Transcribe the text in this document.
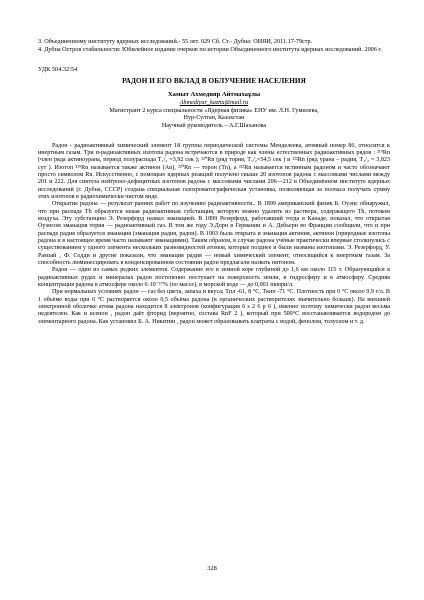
3. Объединенному институту ядерных исследований.- 55 лет. 029 Сб. Ст.- Дубна: ОИЯИ, 2011.17-79стр.

4. Дубна Остров стабильности: Юбилейное издание очерков по истории Объединенного института ядерных исследований. 2006 г.

УДК 504.32:54

РАДОН И ЕГО ВКЛАД В ОБЛУЧЕНИЕ НАСЕЛЕНИЯ

Хамыт Ахмедияр Айтмахаұлы

Ahmediyar_kaznu@mail.ru

Магистрант 2 курса специальности «Ядерная физика» ЕНУ им. Л.Н. Гумилева,

Нур-Султан, Казахстан

Научный руководитель – А.Г.Шаханова

Радон - радиоактивный химический элемент 18 группы периодической системы Менделеева, атомный номер 86, относится к инертным газам. Три α-радиоактивных изотопа радона встречаются в природе как члены естественных радиоактивных рядов : ²¹⁹Rn (член ряда актиноурана, период полураспада T₁/₂ =3,92 сек ); ²²⁰Rn (ряд тория, T₁/₂=54,5 сек ) и ²²²Rn (ряд урана – радия, T₁/₂ = 3,823 сут ). Изотоп ²¹⁹Rn называется также актинон (An), ²²⁰Rn — торон (Tn), а ²²²Rn называется истинным радоном и часто обозначают просто символом Rn. Искусственно, с помощью ядерных реакций получено свыше 20 изотопов радона с массовыми числами между 201 и 222. Для синтеза нейтроно-дефицитных изотопов радона с массовыми числами 206—212 в Объединённом институте ядерных исследований (г. Дубна, СССР) создана специальная газохроматографическая установка, позволяющая за полчаса получать сумму этих изотопов в радиохимически чистом виде.

Открытие радона — результат ранних работ по изучению радиоактивности.. В 1899 американский физик Б. Оуэнс обнаружил, что при распаде Th образуется некая радиоактивная субстанция, которую можно удалить из раствора, содержащего Th, потоком воздуха. Эту субстанцию Э. Резерфорд назвал эманацией. В 1899 Резерфорд, работавший тогда в Канаде, показал, что открытая Оуэнсом эманация тория — радиоактивный газ. В том же году Э.Дорн в Германии и А. Дебьерн во Франции сообщили, что и при распаде радия образуется эманация (эманация радия, радон). В 1903 была открыта и эманация актиния, актинон (природные изотопы радона и в настоящее время часто называют эманациями). Таким образом, в случае радона учёные практически впервые столкнулись с существованием у одного элемента нескольких разновидностей атомов, которые позднее и были названы изотопами. Э. Резерфорд, У. Рамзай , Ф. Содди и другие показали, что эманация радия — новый химический элемент, относящийся к инертным газам. За способность люминесцировать в конденсированном состоянии радон предлагали назвать нитоном.

Радон — один из самых редких элементов. Содержание его в земной коре глубиной до 1,6 км около 115 т. Образующийся в радиоактивных рудах и минералах радон постепенно поступает на поверхность земли, в гидросферу и в атмосферу. Средняя концентрация радона в атмосфере около 6·10⁻¹⁷% (по массе), в морской воде — до 0,001 пкюри/л.

При нормальных условиях радон — газ без цвета, запаха и вкуса; Tпл -61, 8 °C, Tкип -71 °C. Плотность при 0 °C около 9,9 г/л. В 1 объёме воды при 0 °C растворяется около 0,5 объёма радона (в органических растворителях значительно больше). На внешней электронной оболочке атома радона находится 8 электронов (конфигурация 6 s 2 6 p 6 ), именно поэтому химически радон весьма недеятелен. Как и ксенон , радон даёт фторид (вероятно, состава RnF 2 ), который при 500°C восстанавливается водородом до элементарного радона. Как установил Б. А. Никитин , радон может образовывать клатраты с водой, фенолом, толуолом и т. д.

328
